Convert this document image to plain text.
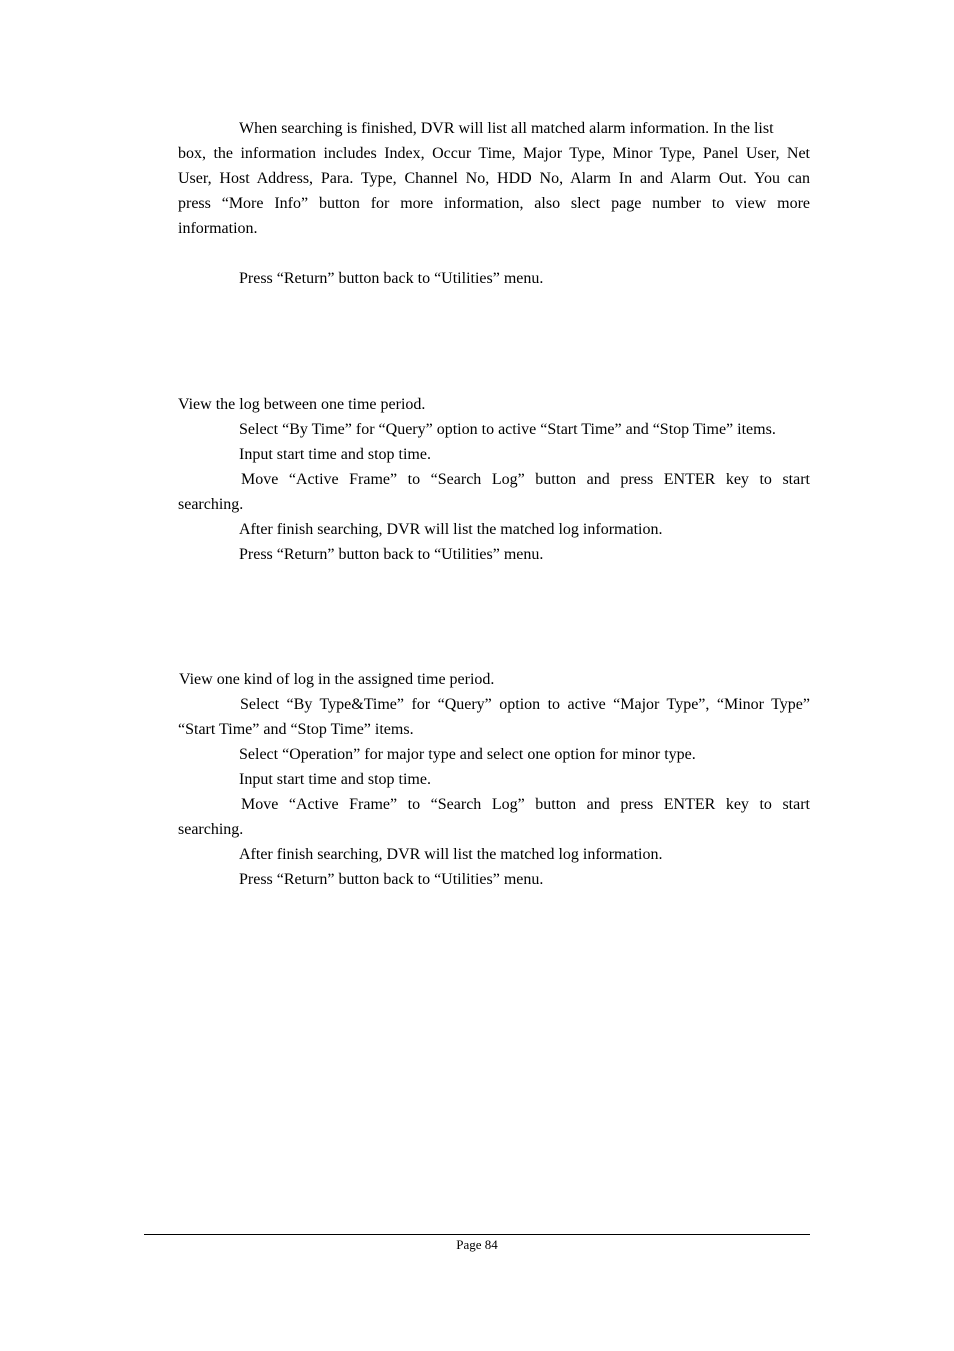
When searching is finished, DVR will list all matched alarm information. In the list
box, the information includes Index, Occur Time, Major Type, Minor Type, Panel User, Net
User, Host Address, Para. Type, Channel No, HDD No, Alarm In and Alarm Out. You can
press “More Info” button for more information, also slect page number to view more
information.
Press “Return” button back to “Utilities” menu.
View the log between one time period.
Select “By Time” for “Query” option to active “Start Time” and “Stop Time” items.
Input start time and stop time.
Move “Active Frame” to “Search Log” button and press ENTER key to start
searching.
After finish searching, DVR will list the matched log information.
Press “Return” button back to “Utilities” menu.
View one kind of log in the assigned time period.
Select “By Type&Time” for “Query” option to active “Major Type”, “Minor Type”
“Start Time” and “Stop Time” items.
Select “Operation” for major type and select one option for minor type.
Input start time and stop time.
Move “Active Frame” to “Search Log” button and press ENTER key to start
searching.
After finish searching, DVR will list the matched log information.
Press “Return” button back to “Utilities” menu.
Page 84
